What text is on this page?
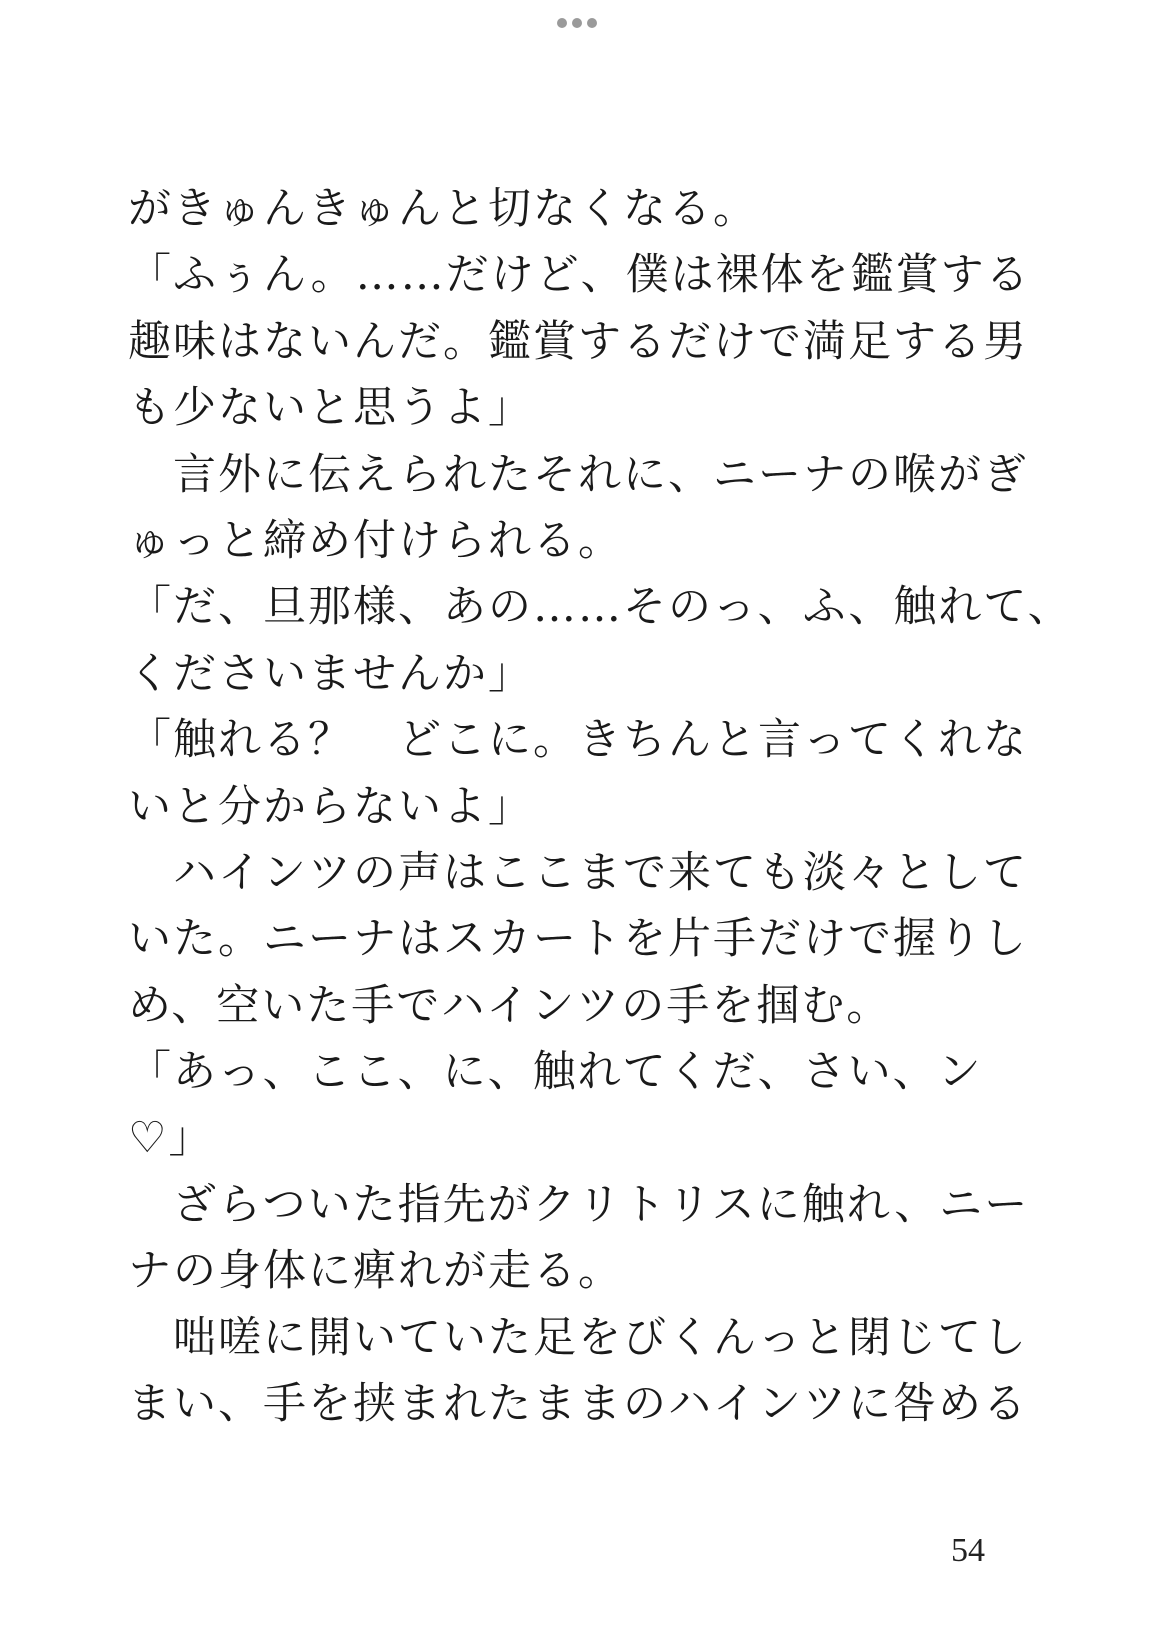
がきゅんきゅんと切なくなる。
「ふぅん。……だけど、僕は裸体を鑑賞する
趣味はないんだ。鑑賞するだけで満足する男
も少ないと思うよ」
　言外に伝えられたそれに、ニーナの喉がぎ
ゅっと締め付けられる。
「だ、旦那様、あの……そのっ、ふ、触れて、
くださいませんか」
「触れる？　どこに。きちんと言ってくれな
いと分からないよ」
　ハインツの声はここまで来ても淡々として
いた。ニーナはスカートを片手だけで握りし
め、空いた手でハインツの手を掴む。
「あっ、ここ、に、触れてくだ、さい、ン
♡」
　ざらついた指先がクリトリスに触れ、ニー
ナの身体に痺れが走る。
　咄嗟に開いていた足をびくんっと閉じてし
まい、手を挟まれたままのハインツに咎める
54
